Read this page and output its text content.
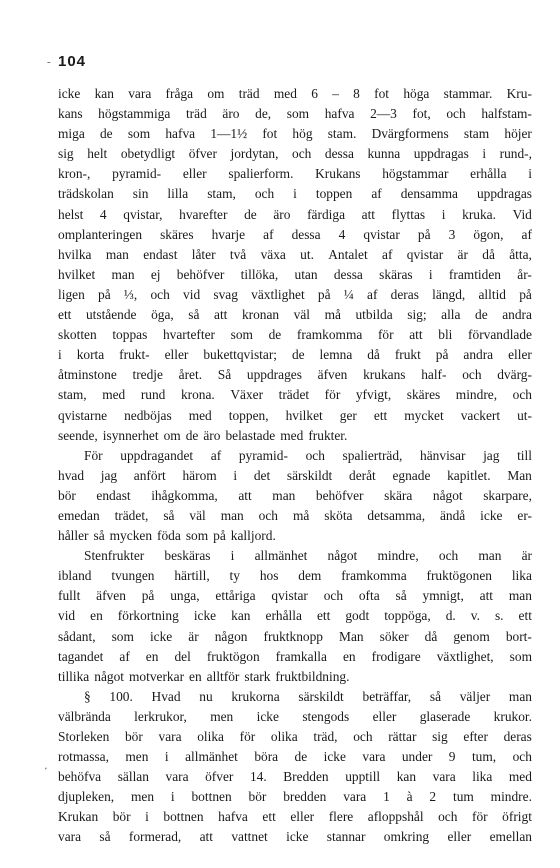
- 104
΄
icke kan vara fråga om träd med 6 – 8 fot höga stammar. Kru-
kans högstammiga träd äro de, som hafva 2—3 fot, och halfstam-
miga de som hafva 1—1½ fot hög stam. Dvärgformens stam höjer
sig helt obetydligt öfver jordytan, och dessa kunna uppdragas i rund-,
kron-, pyramid- eller spalierform. Krukans högstammar erhålla i
trädskolan sin lilla stam, och i toppen af densamma uppdragas
helst 4 qvistar, hvarefter de äro färdiga att flyttas i kruka. Vid
omplanteringen skäres hvarje af dessa 4 qvistar på 3 ögon, af
hvilka man endast låter två växa ut. Antalet af qvistar är då åtta,
hvilket man ej behöfver tillöka, utan dessa skäras i framtiden år-
ligen på ⅓, och vid svag växtlighet på ¼ af deras längd, alltid på
ett utstående öga, så att kronan väl må utbilda sig; alla de andra
skotten toppas hvartefter som de framkomma för att bli förvandlade
i korta frukt- eller bukettqvistar; de lemna då frukt på andra eller
åtminstone tredje året. Så uppdrages äfven krukans half- och dvärg-
stam, med rund krona. Växer trädet för yfvigt, skäres mindre, och
qvistarne nedböjas med toppen, hvilket ger ett mycket vackert ut-
seende, isynnerhet om de äro belastade med frukter.
För uppdragandet af pyramid- och spalierträd, hänvisar jag till
hvad jag anfört härom i det särskildt deråt egnade kapitlet. Man
bör endast ihågkomma, att man behöfver skära något skarpare,
emedan trädet, så väl man och må sköta detsamma, ändå icke er-
håller så mycken föda som på kalljord.
Stenfrukter beskäras i allmänhet något mindre, och man är
ibland tvungen härtill, ty hos dem framkomma fruktögonen lika
fullt äfven på unga, ettåriga qvistar och ofta så ymnigt, att man
vid en förkortning icke kan erhålla ett godt toppöga, d. v. s. ett
sådant, som icke är någon fruktknopp Man söker då genom bort-
tagandet af en del fruktögon framkalla en frodigare växtlighet, som
tillika något motverkar en alltför stark fruktbildning.
§ 100. Hvad nu krukorna särskildt beträffar, så väljer man
välbrända lerkrukor, men icke stengods eller glaserade krukor.
Storleken bör vara olika för olika träd, och rättar sig efter deras
rotmassa, men i allmänhet böra de icke vara under 9 tum, och
behöfva sällan vara öfver 14. Bredden upptill kan vara lika med
djupleken, men i bottnen bör bredden vara 1 à 2 tum mindre.
Krukan bör i bottnen hafva ett eller flere afloppshål och för öfrigt
vara så formerad, att vattnet icke stannar omkring eller emellan
